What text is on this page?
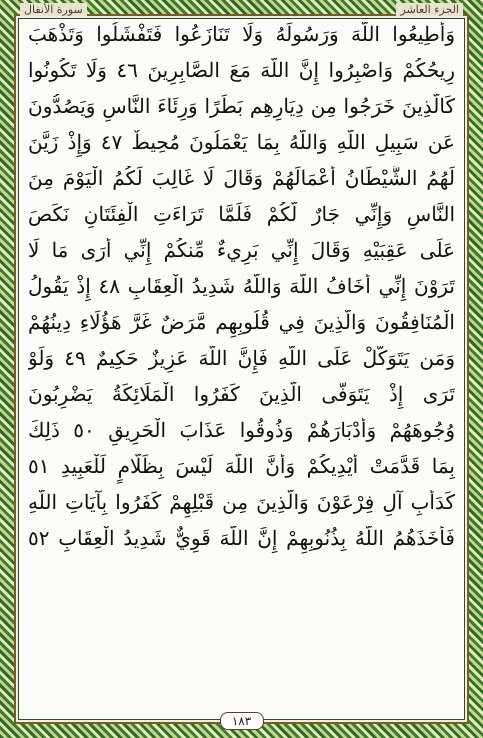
سورة الأنفال	الجزء العاشر
وَأَطِيعُوا اللَّهَ وَرَسُولَهُ وَلَا تَنَازَعُوا فَتَفْشَلُوا وَتَذْهَبَ
رِيحُكُمْ وَاصْبِرُوا إِنَّ اللَّهَ مَعَ الصَّابِرِينَ ٤٦ وَلَا تَكُونُوا
كَالَّذِينَ خَرَجُوا مِن دِيَارِهِم بَطَرًا وَرِئَاءَ النَّاسِ وَيَصُدُّونَ
عَن سَبِيلِ اللَّهِ وَاللَّهُ بِمَا يَعْمَلُونَ مُحِيطٌ ٤٧ وَإِذْ زَيَّنَ
لَهُمُ الشَّيْطَانُ أَعْمَالَهُمْ وَقَالَ لَا غَالِبَ لَكُمُ الْيَوْمَ مِنَ
النَّاسِ وَإِنِّي جَارٌ لَّكُمْ فَلَمَّا تَرَاءَتِ الْفِئَتَانِ نَكَصَ
عَلَى عَقِبَيْهِ وَقَالَ إِنِّي بَرِيءٌ مِّنكُمْ إِنِّي أَرَى مَا لَا
تَرَوْنَ إِنِّي أَخَافُ اللَّهَ وَاللَّهُ شَدِيدُ الْعِقَابِ ٤٨ إِذْ يَقُولُ
الْمُنَافِقُونَ وَالَّذِينَ فِي قُلُوبِهِم مَّرَضٌ غَرَّ هَؤُلَاءِ دِينُهُمْ
وَمَن يَتَوَكَّلْ عَلَى اللَّهِ فَإِنَّ اللَّهَ عَزِيزٌ حَكِيمٌ ٤٩ وَلَوْ
تَرَى إِذْ يَتَوَفَّى الَّذِينَ كَفَرُوا الْمَلَائِكَةُ يَضْرِبُونَ
وُجُوهَهُمْ وَأَدْبَارَهُمْ وَذُوقُوا عَذَابَ الْحَرِيقِ ٥٠ ذَلِكَ
بِمَا قَدَّمَتْ أَيْدِيكُمْ وَأَنَّ اللَّهَ لَيْسَ بِظَلَّامٍ لِّلْعَبِيدِ ٥١
كَدَأْبِ آلِ فِرْعَوْنَ وَالَّذِينَ مِن قَبْلِهِمْ كَفَرُوا بِآيَاتِ اللَّهِ
فَأَخَذَهُمُ اللَّهُ بِذُنُوبِهِمْ إِنَّ اللَّهَ قَوِيٌّ شَدِيدُ الْعِقَابِ ٥٢
١٨٣
